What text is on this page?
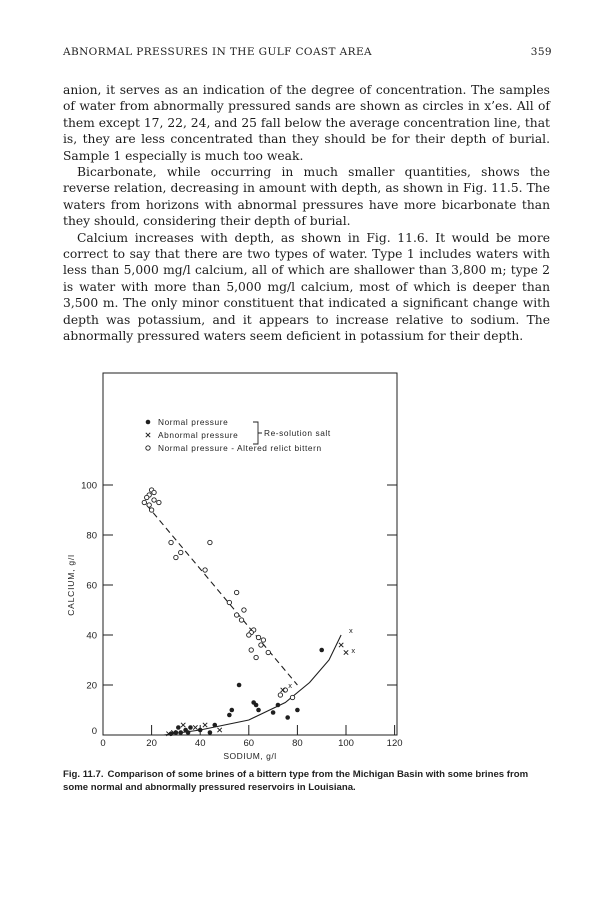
ABNORMAL PRESSURES IN THE GULF COAST AREA	359

anion, it serves as an indication of the degree of concentration. The samples of water from abnormally pressured sands are shown as circles in x’es. All of them except 17, 22, 24, and 25 fall below the average concentration line, that is, they are less concentrated than they should be for their depth of burial. Sample 1 especially is much too weak.

Bicarbonate, while occurring in much smaller quantities, shows the reverse relation, decreasing in amount with depth, as shown in Fig. 11.5. The waters from horizons with abnormal pressures have more bicarbonate than they should, considering their depth of burial.

Calcium increases with depth, as shown in Fig. 11.6. It would be more correct to say that there are two types of water. Type 1 includes waters with less than 5,000 mg/l calcium, all of which are shallower than 3,800 m; type 2 is water with more than 5,000 mg/l calcium, most of which is deeper than 3,500 m. The only minor constituent that indicated a significant change with depth was potassium, and it appears to increase relative to sodium. The abnormally pressured waters seem deficient in potassium for their depth.

20
40
60
80
100
20	40	60	80	100	120
0
0
SODIUM, g/l
CALCIUM, g/l
x
x
x
Normal pressure
Abnormal pressure
Normal pressure - Altered relict bittern
Re-solution salt
Fig. 11.7. Comparison of some brines of a bittern type from the Michigan Basin with some brines from some normal and abnormally pressured reservoirs in Louisiana.
